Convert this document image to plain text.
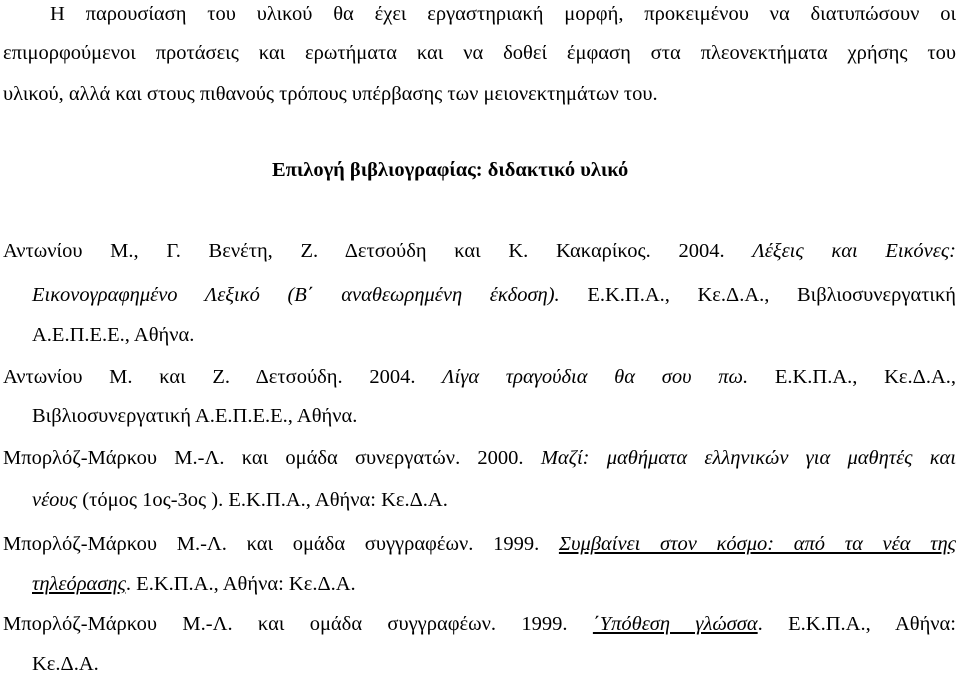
Η παρουσίαση του υλικού θα έχει εργαστηριακή μορφή, προκειμένου να διατυπώσουν οι
επιμορφούμενοι προτάσεις και ερωτήματα και να δοθεί έμφαση στα πλεονεκτήματα χρήσης του
υλικού, αλλά και στους πιθανούς τρόπους υπέρβασης των μειονεκτημάτων του.
Επιλογή βιβλιογραφίας: διδακτικό υλικό
Αντωνίου Μ., Γ. Βενέτη, Ζ. Δετσούδη και Κ. Κακαρίκος. 2004. Λέξεις και Εικόνες:
Εικονογραφημένο Λεξικό (Β΄ αναθεωρημένη έκδοση). Ε.Κ.Π.Α., Κε.Δ.Α., Βιβλιοσυνεργατική
Α.Ε.Π.Ε.Ε., Αθήνα.
Αντωνίου Μ. και Ζ. Δετσούδη. 2004. Λίγα τραγούδια θα σου πω. Ε.Κ.Π.Α., Κε.Δ.Α.,
Βιβλιοσυνεργατική Α.Ε.Π.Ε.Ε., Αθήνα.
Μπορλόζ-Μάρκου Μ.-Λ. και ομάδα συνεργατών. 2000. Μαζί: μαθήματα ελληνικών για μαθητές και
νέους (τόμος 1ος-3ος ). Ε.Κ.Π.Α., Αθήνα: Κε.Δ.Α.
Μπορλόζ-Μάρκου Μ.-Λ. και ομάδα συγγραφέων. 1999. Συμβαίνει στον κόσμο: από τα νέα της
τηλεόρασης. Ε.Κ.Π.Α., Αθήνα: Κε.Δ.Α.
Μπορλόζ-Μάρκου Μ.-Λ. και ομάδα συγγραφέων. 1999. ΄Υπόθεση γλώσσα. Ε.Κ.Π.Α., Αθήνα:
Κε.Δ.Α.
